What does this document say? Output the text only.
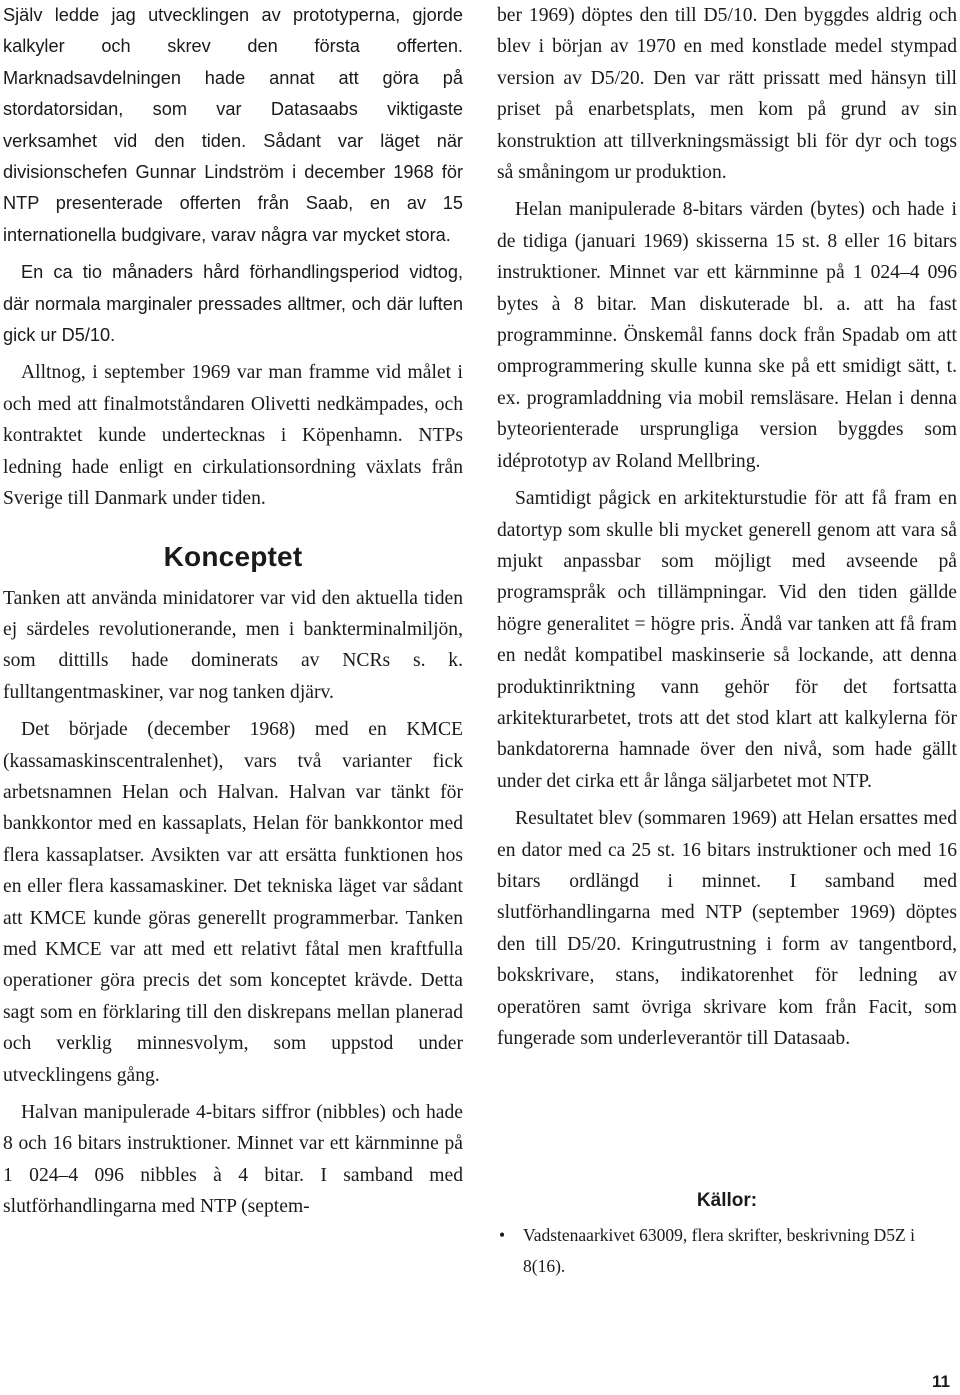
Själv ledde jag utvecklingen av prototyperna, gjorde kalkyler och skrev den första offerten. Marknadsavdelningen hade annat att göra på stordatorsidan, som var Datasaabs viktigaste verksamhet vid den tiden. Sådant var läget när divisionschefen Gunnar Lindström i december 1968 för NTP presenterade offerten från Saab, en av 15 internationella budgivare, varav några var mycket stora.

En ca tio månaders hård förhandlingsperiod vidtog, där normala marginaler pressades alltmer, och där luften gick ur D5/10.

Alltnog, i september 1969 var man framme vid målet i och med att finalmotståndaren Olivetti nedkämpades, och kontraktet kunde undertecknas i Köpenhamn. NTPs ledning hade enligt en cirkulationsordning växlats från Sverige till Danmark under tiden.

Konceptet

Tanken att använda minidatorer var vid den aktuella tiden ej särdeles revolutionerande, men i bankterminalmiljön, som dittills hade dominerats av NCRs s. k. fulltangentmaskiner, var nog tanken djärv.

Det började (december 1968) med en KMCE (kassamaskinscentralenhet), vars två varianter fick arbetsnamnen Helan och Halvan. Halvan var tänkt för bankkontor med en kassaplats, Helan för bankkontor med flera kassaplatser. Avsikten var att ersätta funktionen hos en eller flera kassamaskiner. Det tekniska läget var sådant att KMCE kunde göras generellt programmerbar. Tanken med KMCE var att med ett relativt fåtal men kraftfulla operationer göra precis det som konceptet krävde. Detta sagt som en förklaring till den diskrepans mellan planerad och verklig minnesvolym, som uppstod under utvecklingens gång.

Halvan manipulerade 4-bitars siffror (nibbles) och hade 8 och 16 bitars instruktioner. Minnet var ett kärnminne på 1 024–4 096 nibbles à 4 bitar. I samband med slutförhandlingarna med NTP (septem-

ber 1969) döptes den till D5/10. Den byggdes aldrig och blev i början av 1970 en med konstlade medel stympad version av D5/20. Den var rätt prissatt med hänsyn till priset på enarbetsplats, men kom på grund av sin konstruktion att tillverkningsmässigt bli för dyr och togs så småningom ur produktion.

Helan manipulerade 8-bitars värden (bytes) och hade i de tidiga (januari 1969) skisserna 15 st. 8 eller 16 bitars instruktioner. Minnet var ett kärnminne på 1 024–4 096 bytes à 8 bitar. Man diskuterade bl. a. att ha fast programminne. Önskemål fanns dock från Spadab om att omprogrammering skulle kunna ske på ett smidigt sätt, t. ex. programladdning via mobil remsläsare. Helan i denna byteorienterade ursprungliga version byggdes som idéprototyp av Roland Mellbring.

Samtidigt pågick en arkitekturstudie för att få fram en datortyp som skulle bli mycket generell genom att vara så mjukt anpassbar som möjligt med avseende på programspråk och tillämpningar. Vid den tiden gällde högre generalitet = högre pris. Ändå var tanken att få fram en nedåt kompatibel maskinserie så lockande, att denna produktinriktning vann gehör för det fortsatta arkitekturarbetet, trots att det stod klart att kalkylerna för bankdatorerna hamnade över den nivå, som hade gällt under det cirka ett år långa säljarbetet mot NTP.

Resultatet blev (sommaren 1969) att Helan ersattes med en dator med ca 25 st. 16 bitars instruktioner och med 16 bitars ordlängd i minnet. I samband med slutförhandlingarna med NTP (september 1969) döptes den till D5/20. Kringutrustning i form av tangentbord, bokskrivare, stans, indikatorenhet för ledning av operatören samt övriga skrivare kom från Facit, som fungerade som underleverantör till Datasaab.

Källor:
• Vadstenaarkivet 63009, flera skrifter, beskrivning D5Z i 8(16).

11
